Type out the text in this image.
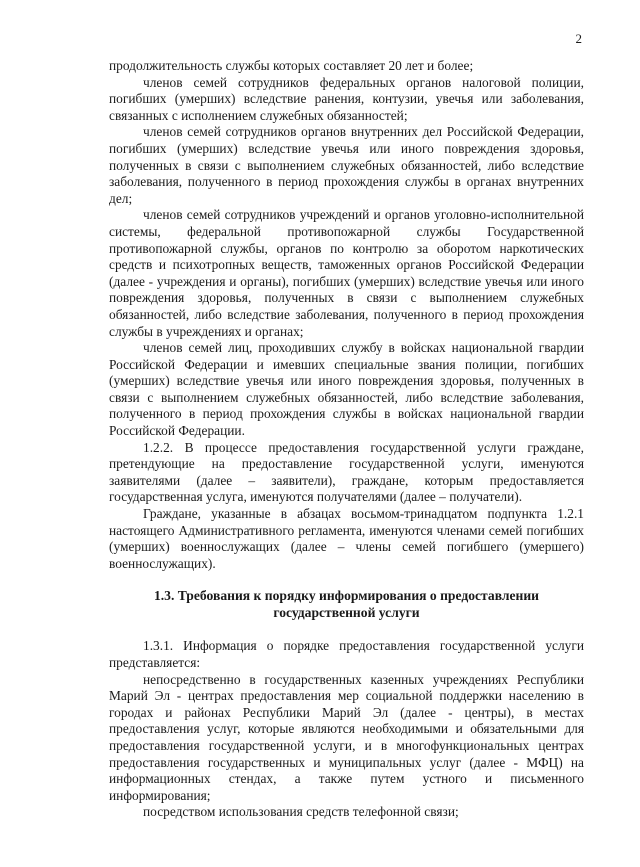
2

продолжительность службы которых составляет 20 лет и более;

членов семей сотрудников федеральных органов налоговой полиции, погибших (умерших) вследствие ранения, контузии, увечья или заболевания, связанных с исполнением служебных обязанностей;

членов семей сотрудников органов внутренних дел Российской Федерации, погибших (умерших) вследствие увечья или иного повреждения здоровья, полученных в связи с выполнением служебных обязанностей, либо вследствие заболевания, полученного в период прохождения службы в органах внутренних дел;

членов семей сотрудников учреждений и органов уголовно-исполнительной системы, федеральной противопожарной службы Государственной противопожарной службы, органов по контролю за оборотом наркотических средств и психотропных веществ, таможенных органов Российской Федерации (далее - учреждения и органы), погибших (умерших) вследствие увечья или иного повреждения здоровья, полученных в связи с выполнением служебных обязанностей, либо вследствие заболевания, полученного в период прохождения службы в учреждениях и органах;

членов семей лиц, проходивших службу в войсках национальной гвардии Российской Федерации и имевших специальные звания полиции, погибших (умерших) вследствие увечья или иного повреждения здоровья, полученных в связи с выполнением служебных обязанностей, либо вследствие заболевания, полученного в период прохождения службы в войсках национальной гвардии Российской Федерации.

1.2.2. В процессе предоставления государственной услуги граждане, претендующие на предоставление государственной услуги, именуются заявителями (далее – заявители), граждане, которым предоставляется государственная услуга, именуются получателями (далее – получатели).

Граждане, указанные в абзацах восьмом-тринадцатом подпункта 1.2.1 настоящего Административного регламента, именуются членами семей погибших (умерших) военнослужащих (далее – члены семей погибшего (умершего) военнослужащих).

1.3. Требования к порядку информирования о предоставлении государственной услуги

1.3.1. Информация о порядке предоставления государственной услуги представляется:

непосредственно в государственных казенных учреждениях Республики Марий Эл - центрах предоставления мер социальной поддержки населению в городах и районах Республики Марий Эл (далее - центры), в местах предоставления услуг, которые являются необходимыми и обязательными для предоставления государственной услуги, и в многофункциональных центрах предоставления государственных и муниципальных услуг (далее - МФЦ) на информационных стендах, а также путем устного и письменного информирования;

посредством использования средств телефонной связи;
